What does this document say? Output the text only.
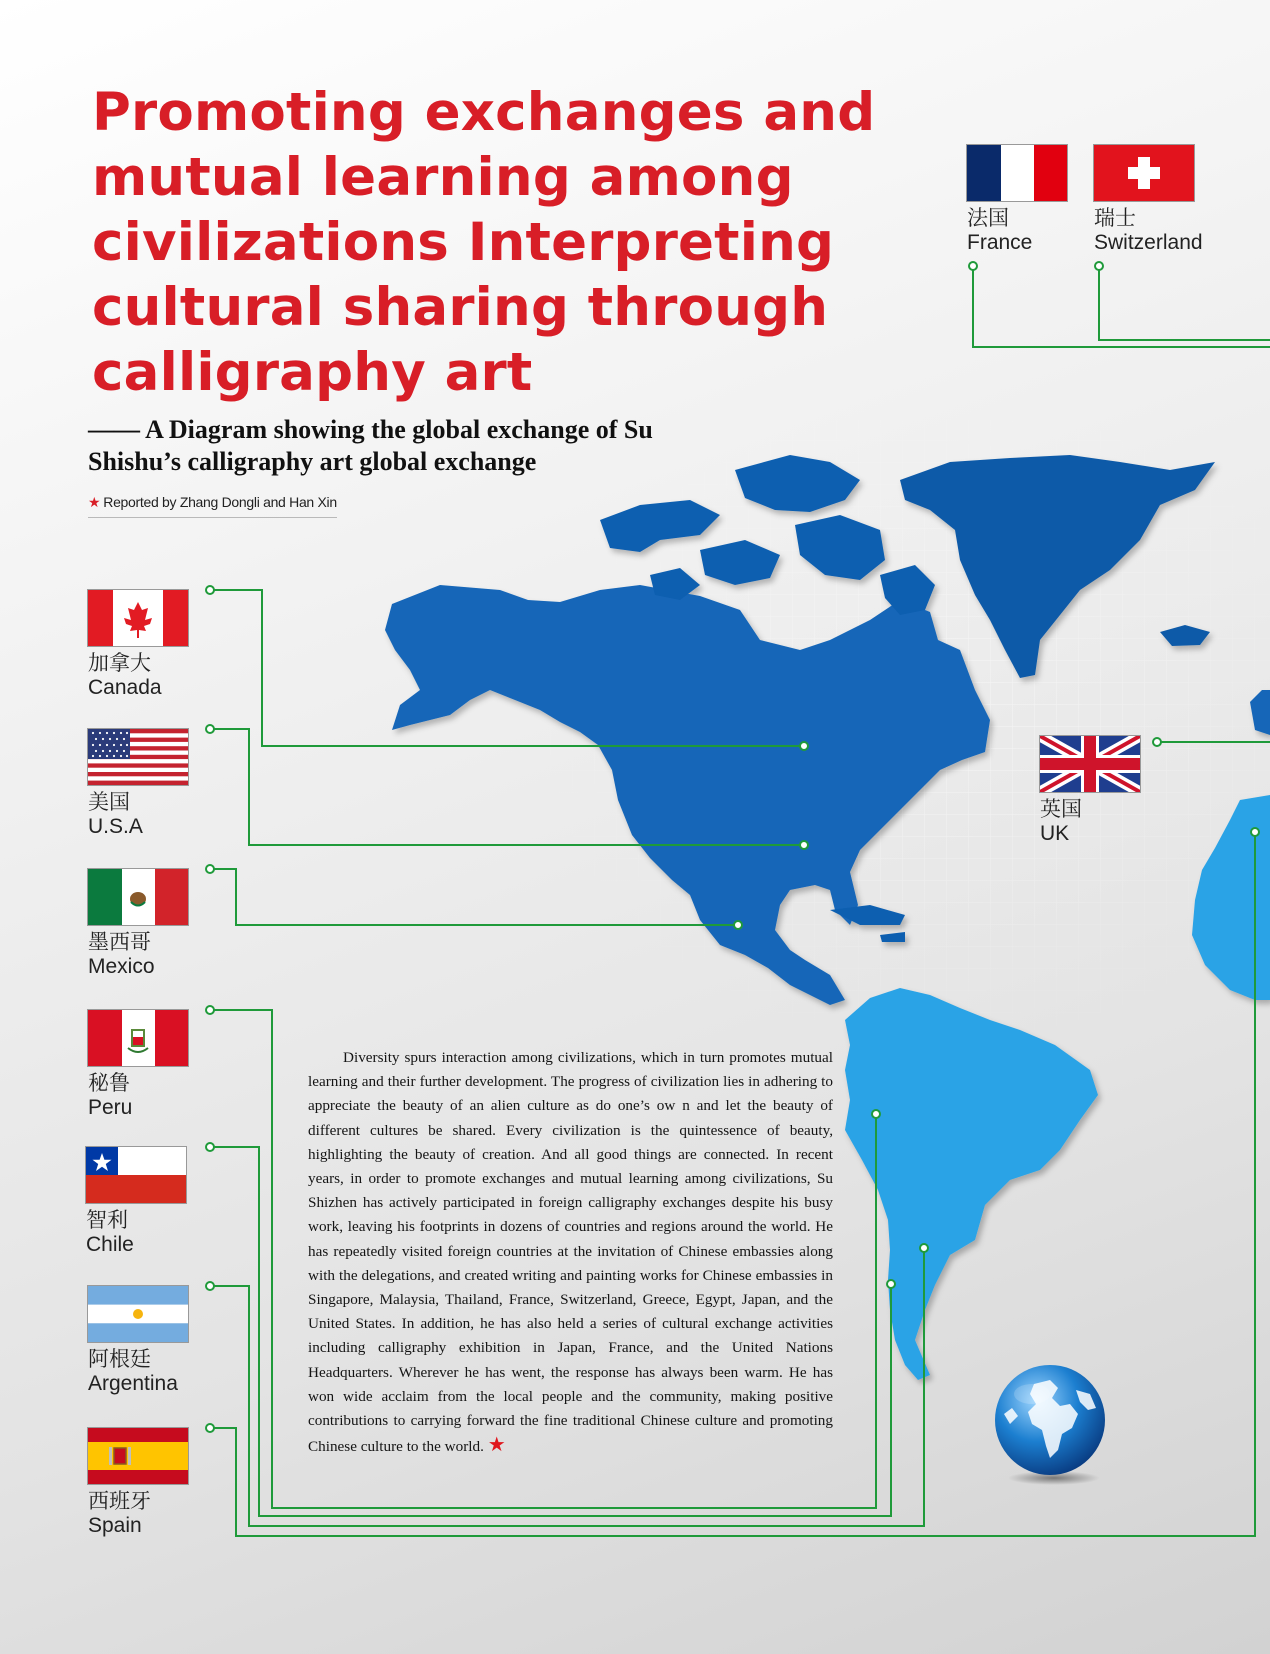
Promoting exchanges and
mutual learning among
civilizations Interpreting
cultural sharing through
calligraphy art
—— A Diagram showing the global exchange of Su
Shishu’s calligraphy art global exchange
★ Reported by Zhang Dongli and Han Xin
加拿大
Canada
美国
U.S.A
墨西哥
Mexico
秘鲁
Peru
智利
Chile
阿根廷
Argentina
西班牙
Spain
法国
France
瑞士
Switzerland
英国
UK

Diversity spurs interaction among civilizations, which in turn promotes mutual learning and their further development. The progress of civilization lies in adhering to appreciate the beauty of an alien culture as do one’s ow n and let the beauty of different cultures be shared. Every civilization is the quintessence of beauty, highlighting the beauty of creation. And all good things are connected. In recent years, in order to promote exchanges and mutual learning among civilizations, Su Shizhen has actively participated in foreign calligraphy exchanges despite his busy work, leaving his footprints in dozens of countries and regions around the world. He has repeatedly visited foreign countries at the invitation of Chinese embassies along with the delegations, and created writing and painting works for Chinese embassies in Singapore, Malaysia, Thailand, France, Switzerland, Greece, Egypt, Japan, and the United States. In addition, he has also held a series of cultural exchange activities including calligraphy exhibition in Japan, France, and the United Nations Headquarters. Wherever he has went, the response has always been warm. He has won wide acclaim from the local people and the community, making positive contributions to carrying forward the fine traditional Chinese culture and promoting Chinese culture to the world. ★
